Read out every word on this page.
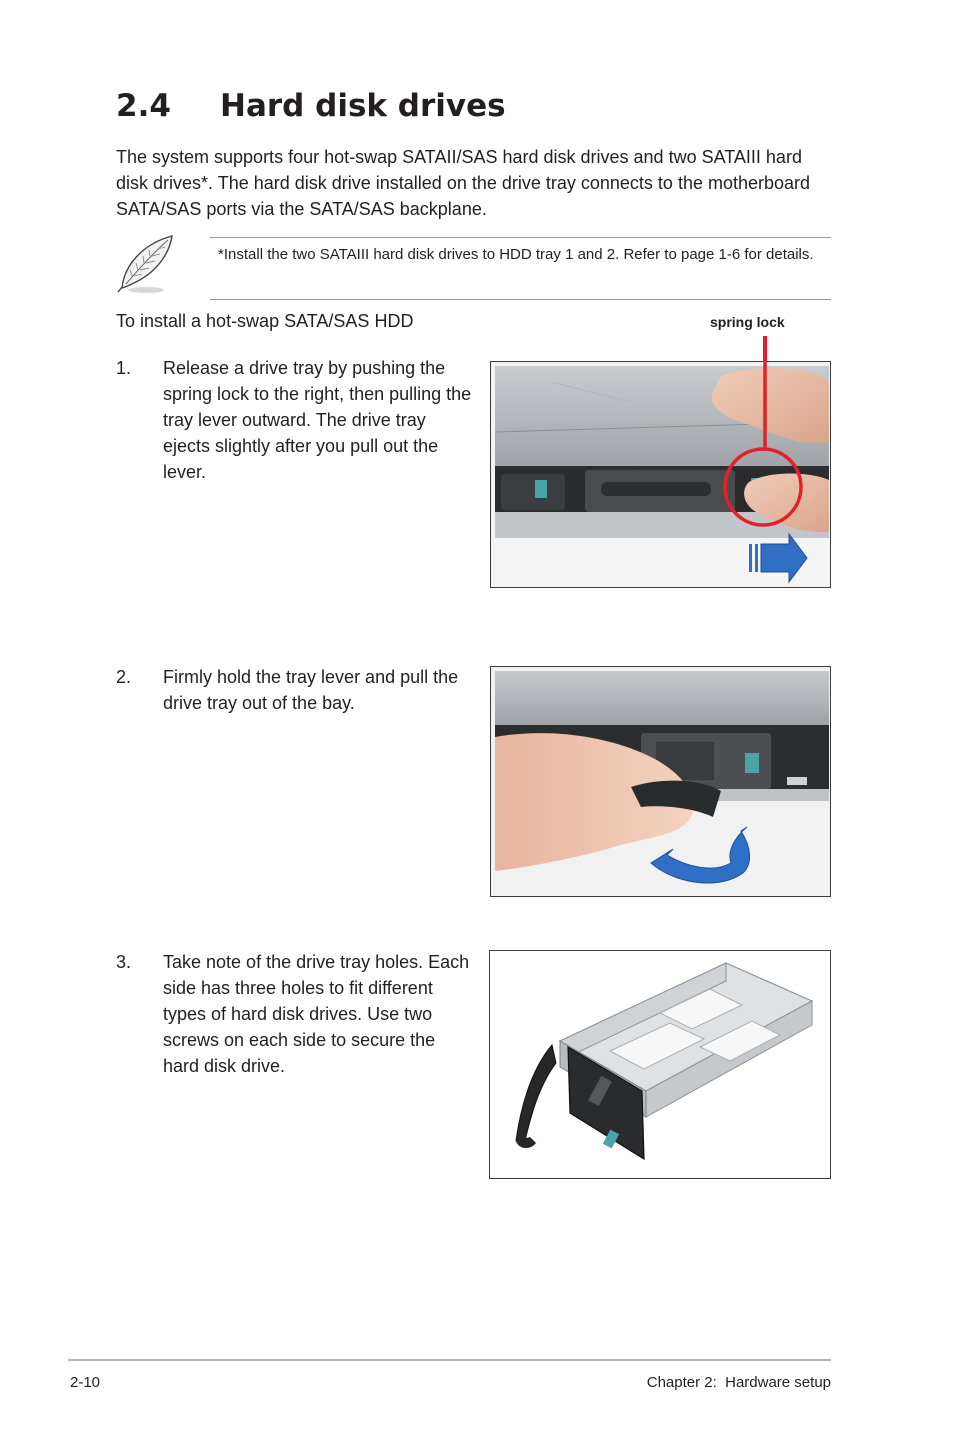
2.4 Hard disk drives
The system supports four hot-swap SATAII/SAS hard disk drives and two SATAIII hard disk drives*. The hard disk drive installed on the drive tray connects to the motherboard SATA/SAS ports via the SATA/SAS backplane.
*Install the two SATAIII hard disk drives to HDD tray 1 and 2. Refer to page 1-6 for details.
To install a hot-swap SATA/SAS HDD	spring lock
1. Release a drive tray by pushing the spring lock to the right, then pulling the tray lever outward. The drive tray ejects slightly after you pull out the lever.
2. Firmly hold the tray lever and pull the drive tray out of the bay.
3. Take note of the drive tray holes. Each side has three holes to fit different types of hard disk drives. Use two screws on each side to secure the hard disk drive.
2-10	Chapter 2:  Hardware setup
